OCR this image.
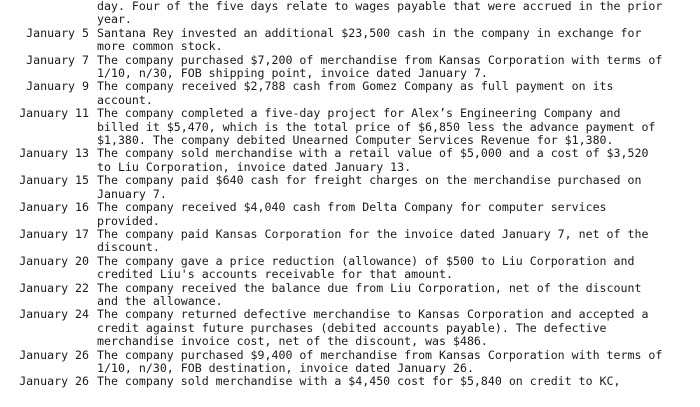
day. Four of the five days relate to wages payable that were accrued in the prior
year.
January 5 Santana Rey invested an additional $23,500 cash in the company in exchange for
more common stock.
January 7 The company purchased $7,200 of merchandise from Kansas Corporation with terms of
1/10, n/30, FOB shipping point, invoice dated January 7.
January 9 The company received $2,788 cash from Gomez Company as full payment on its
account.
January 11 The company completed a five-day project for Alex’s Engineering Company and
billed it $5,470, which is the total price of $6,850 less the advance payment of
$1,380. The company debited Unearned Computer Services Revenue for $1,380.
January 13 The company sold merchandise with a retail value of $5,000 and a cost of $3,520
to Liu Corporation, invoice dated January 13.
January 15 The company paid $640 cash for freight charges on the merchandise purchased on
January 7.
January 16 The company received $4,040 cash from Delta Company for computer services
provided.
January 17 The company paid Kansas Corporation for the invoice dated January 7, net of the
discount.
January 20 The company gave a price reduction (allowance) of $500 to Liu Corporation and
credited Liu's accounts receivable for that amount.
January 22 The company received the balance due from Liu Corporation, net of the discount
and the allowance.
January 24 The company returned defective merchandise to Kansas Corporation and accepted a
credit against future purchases (debited accounts payable). The defective
merchandise invoice cost, net of the discount, was $486.
January 26 The company purchased $9,400 of merchandise from Kansas Corporation with terms of
1/10, n/30, FOB destination, invoice dated January 26.
January 26 The company sold merchandise with a $4,450 cost for $5,840 on credit to KC,
